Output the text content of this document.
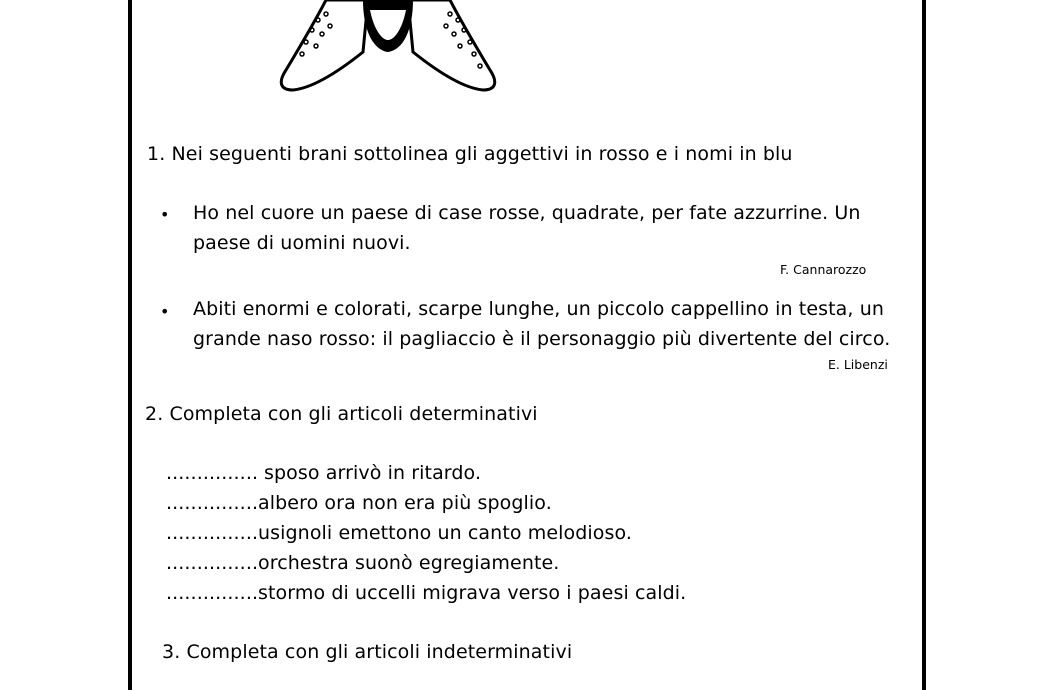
1. Nei seguenti brani sottolinea gli aggettivi in rosso e i nomi in blu
• Ho nel cuore un paese di case rosse, quadrate, per fate azzurrine. Un
paese di uomini nuovi.
F. Cannarozzo
• Abiti enormi e colorati, scarpe lunghe, un piccolo cappellino in testa, un
grande naso rosso: il pagliaccio è il personaggio più divertente del circo.
E. Libenzi
2. Completa con gli articoli determinativi
............... sposo arrivò in ritardo.
...............albero ora non era più spoglio.
...............usignoli emettono un canto melodioso.
...............orchestra suonò egregiamente.
...............stormo di uccelli migrava verso i paesi caldi.
3. Completa con gli articoli indeterminativi
